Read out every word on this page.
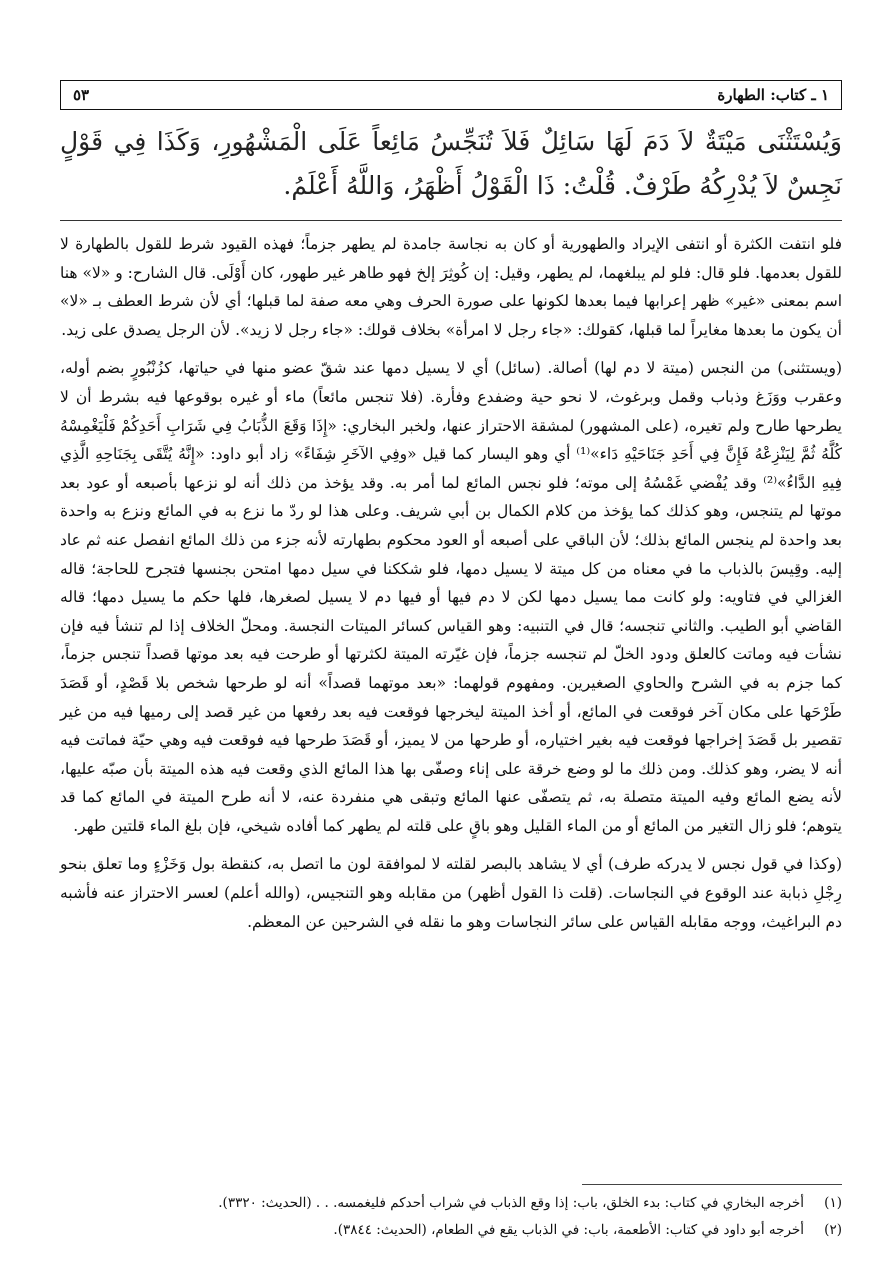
١ ـ كتاب: الطهارة
٥٣
وَيُسْتَثْنَى مَيْتَةٌ لاَ دَمَ لَهَا سَائِلٌ فَلاَ تُنَجِّسُ مَائِعاً عَلَى الْمَشْهُورِ، وَكَذَا فِي قَوْلٍ نَجِسٌ لاَ يُدْرِكُهُ طَرْفٌ. قُلْتُ: ذَا الْقَوْلُ أَظْهَرُ، وَاللَّهُ أَعْلَمُ.

فلو انتفت الكثرة أو انتفى الإيراد والطهورية أو كان به نجاسة جامدة لم يطهر جزماً؛ فهذه القيود شرط للقول بالطهارة لا للقول بعدمها. فلو قال: فلو لم يبلغهما، لم يطهر، وقيل: إن كُوثِرَ إلخ فهو طاهر غير طهور، كان أَوْلَى. قال الشارح: و «لا» هنا اسم بمعنى «غير» ظهر إعرابها فيما بعدها لكونها على صورة الحرف وهي معه صفة لما قبلها؛ أي لأن شرط العطف بـ «لا» أن يكون ما بعدها مغايراً لما قبلها، كقولك: «جاء رجل لا امرأة» بخلاف قولك: «جاء رجل لا زيد». لأن الرجل يصدق على زيد.

(ويستثنى) من النجس (ميتة لا دم لها) أصالة. (سائل) أي لا يسيل دمها عند شقّ عضو منها في حياتها، كزُنْبُورٍ بضم أوله، وعقرب ووَزَغ وذباب وقمل وبرغوث، لا نحو حية وضفدع وفأرة. (فلا تنجس مائعاً) ماء أو غيره بوقوعها فيه بشرط أن لا يطرحها طارح ولم تغيره، (على المشهور) لمشقة الاحتراز عنها، ولخبر البخاري: «إِذَا وَقَعَ الذُّبَابُ فِي شَرَابِ أَحَدِكُمْ فَلْيَغْمِسْهُ كُلَّهُ ثُمَّ لِيَنْزِعْهُ فَإِنَّ فِي أَحَدِ جَنَاحَيْهِ دَاء»⁽¹⁾ أي وهو اليسار كما قيل «وفِي الآخَرِ شِفَاءً» زاد أبو داود: «إِنَّهُ يُتَّقَى بِجَنَاحِهِ الَّذِي فِيهِ الدَّاءُ»⁽²⁾ وقد يُفْضي غَمْسُهُ إلى موته؛ فلو نجس المائع لما أمر به. وقد يؤخذ من ذلك أنه لو نزعها بأصبعه أو عود بعد موتها لم يتنجس، وهو كذلك كما يؤخذ من كلام الكمال بن أبي شريف. وعلى هذا لو ردّ ما نزع به في المائع ونزع به واحدة بعد واحدة لم ينجس المائع بذلك؛ لأن الباقي على أصبعه أو العود محكوم بطهارته لأنه جزء من ذلك المائع انفصل عنه ثم عاد إليه. وقِيسَ بالذباب ما في معناه من كل ميتة لا يسيل دمها، فلو شككنا في سيل دمها امتحن بجنسها فتجرح للحاجة؛ قاله الغزالي في فتاويه: ولو كانت مما يسيل دمها لكن لا دم فيها أو فيها دم لا يسيل لصغرها، فلها حكم ما يسيل دمها؛ قاله القاضي أبو الطيب. والثاني تنجسه؛ قال في التنبيه: وهو القياس كسائر الميتات النجسة. ومحلّ الخلاف إذا لم تنشأ فيه فإن نشأت فيه وماتت كالعلق ودود الخلّ لم تنجسه جزماً، فإن غيّرته الميتة لكثرتها أو طرحت فيه بعد موتها قصداً تنجس جزماً، كما جزم به في الشرح والحاوي الصغيرين. ومفهوم قولهما: «بعد موتهما قصداً» أنه لو طرحها شخص بلا قَصْدٍ، أو قَصَدَ طَرْحَها على مكان آخر فوقعت في المائع، أو أخذ الميتة ليخرجها فوقعت فيه بعد رفعها من غير قصد إلى رميها فيه من غير تقصير بل قَصَدَ إخراجها فوقعت فيه بغير اختياره، أو طرحها من لا يميز، أو قَصَدَ طرحها فيه فوقعت فيه وهي حيّة فماتت فيه أنه لا يضر، وهو كذلك. ومن ذلك ما لو وضع خرقة على إناء وصفّى بها هذا المائع الذي وقعت فيه هذه الميتة بأن صبّه عليها، لأنه يضع المائع وفيه الميتة متصلة به، ثم يتصفّى عنها المائع وتبقى هي منفردة عنه، لا أنه طرح الميتة في المائع كما قد يتوهم؛ فلو زال التغير من المائع أو من الماء القليل وهو باقٍ على قلته لم يطهر كما أفاده شيخي، فإن بلغ الماء قلتين طهر.

(وكذا في قول نجس لا يدركه طرف) أي لا يشاهد بالبصر لقلته لا لموافقة لون ما اتصل به، كنقطة بول وَخَزْءٍ وما تعلق بنحو رِجْلِ ذبابة عند الوقوع في النجاسات. (قلت ذا القول أظهر) من مقابله وهو التنجيس، (والله أعلم) لعسر الاحتراز عنه فأشبه دم البراغيث، ووجه مقابله القياس على سائر النجاسات وهو ما نقله في الشرحين عن المعظم.

(١)
أخرجه البخاري في كتاب: بدء الخلق، باب: إذا وقع الذباب في شراب أحدكم فليغمسه. . . (الحديث: ٣٣٢٠).
(٢)
أخرجه أبو داود في كتاب: الأطعمة، باب: في الذباب يقع في الطعام، (الحديث: ٣٨٤٤).
